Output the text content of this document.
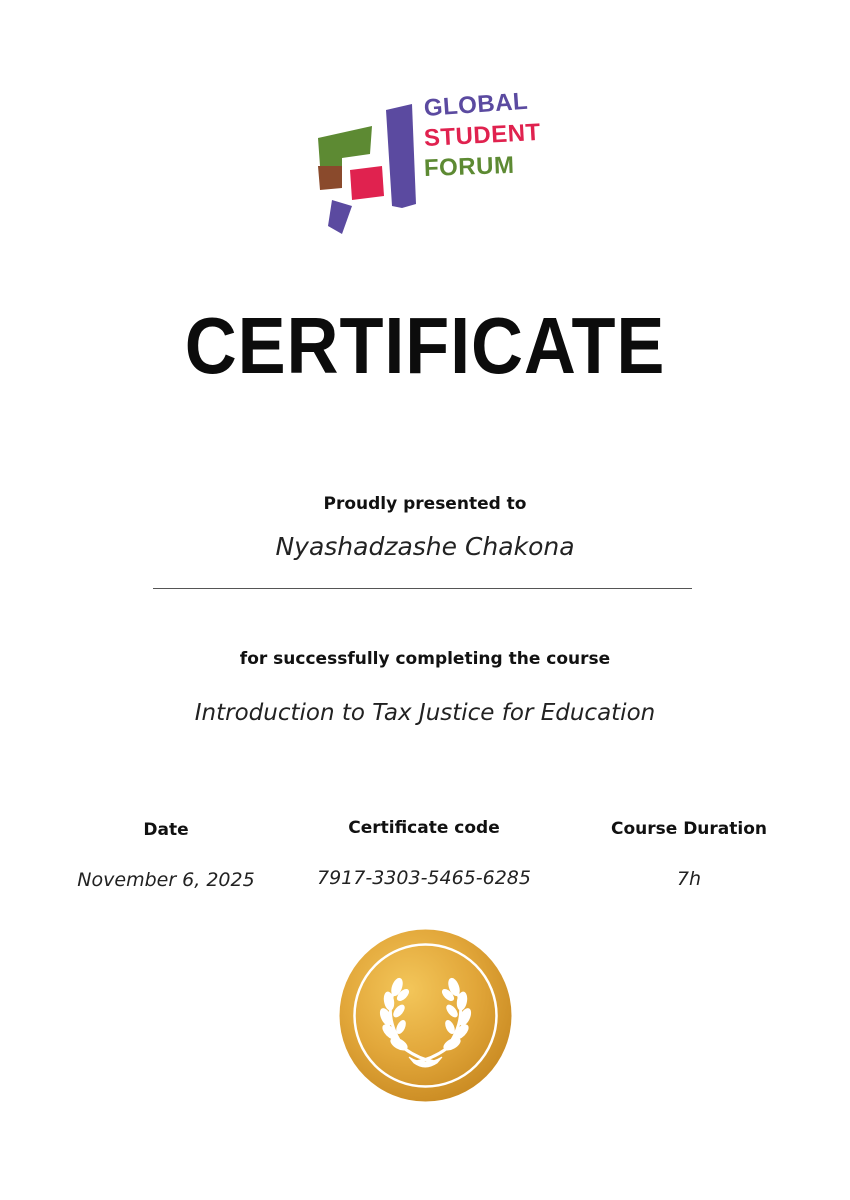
GLOBAL
STUDENT
FORUM
CERTIFICATE
Proudly presented to
Nyashadzashe Chakona
for successfully completing the course
Introduction to Tax Justice for Education
Date
November 6, 2025
Certificate code
7917-3303-5465-6285
Course Duration
7h
